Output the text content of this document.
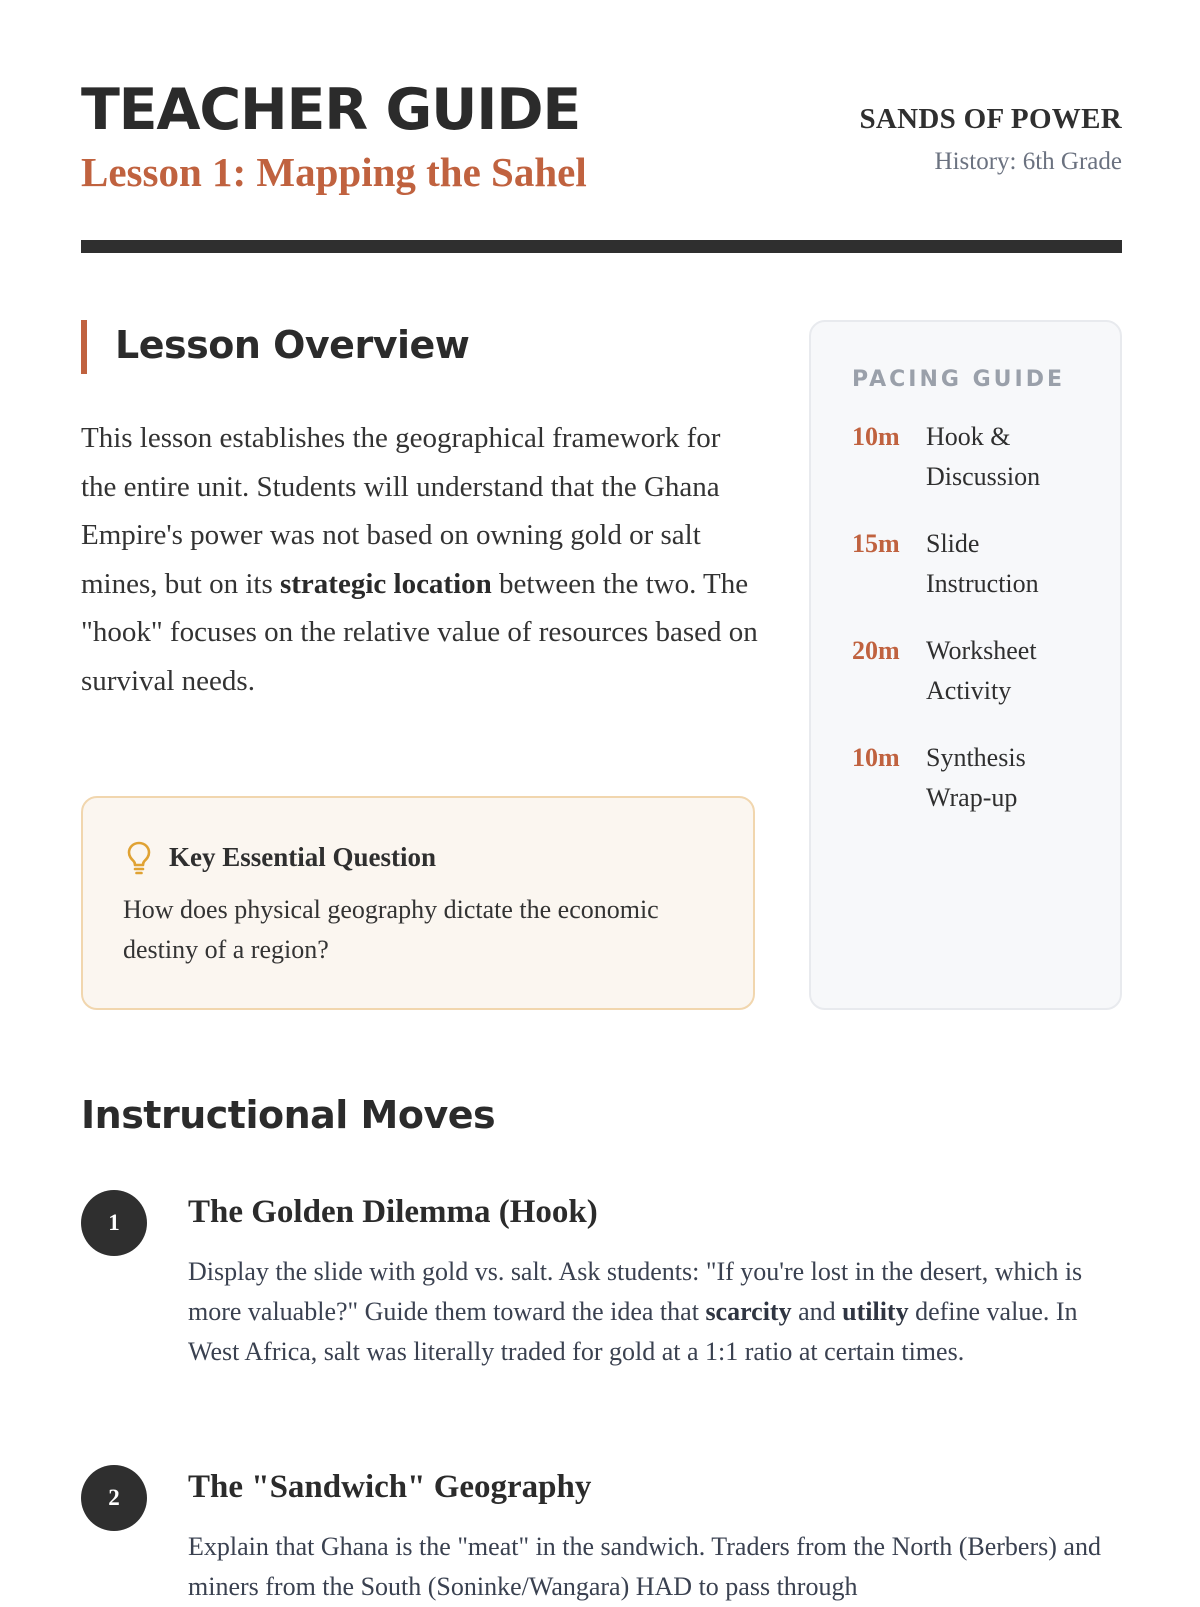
TEACHER GUIDE
Lesson 1: Mapping the Sahel
SANDS OF POWER
History: 6th Grade
Lesson Overview

This lesson establishes the geographical framework for the entire unit. Students will understand that the Ghana Empire's power was not based on owning gold or salt mines, but on its strategic location between the two. The "hook" focuses on the relative value of resources based on survival needs.

Key Essential Question

How does physical geography dictate the economic destiny of a region?

PACING GUIDE
10m Hook & Discussion
15m Slide Instruction
20m Worksheet Activity
10m Synthesis Wrap-up
Instructional Moves
1	The Golden Dilemma (Hook)

Display the slide with gold vs. salt. Ask students: "If you're lost in the desert, which is more valuable?" Guide them toward the idea that scarcity and utility define value. In West Africa, salt was literally traded for gold at a 1:1 ratio at certain times.

2	The "Sandwich" Geography

Explain that Ghana is the "meat" in the sandwich. Traders from the North (Berbers) and miners from the South (Soninke/Wangara) HAD to pass through
